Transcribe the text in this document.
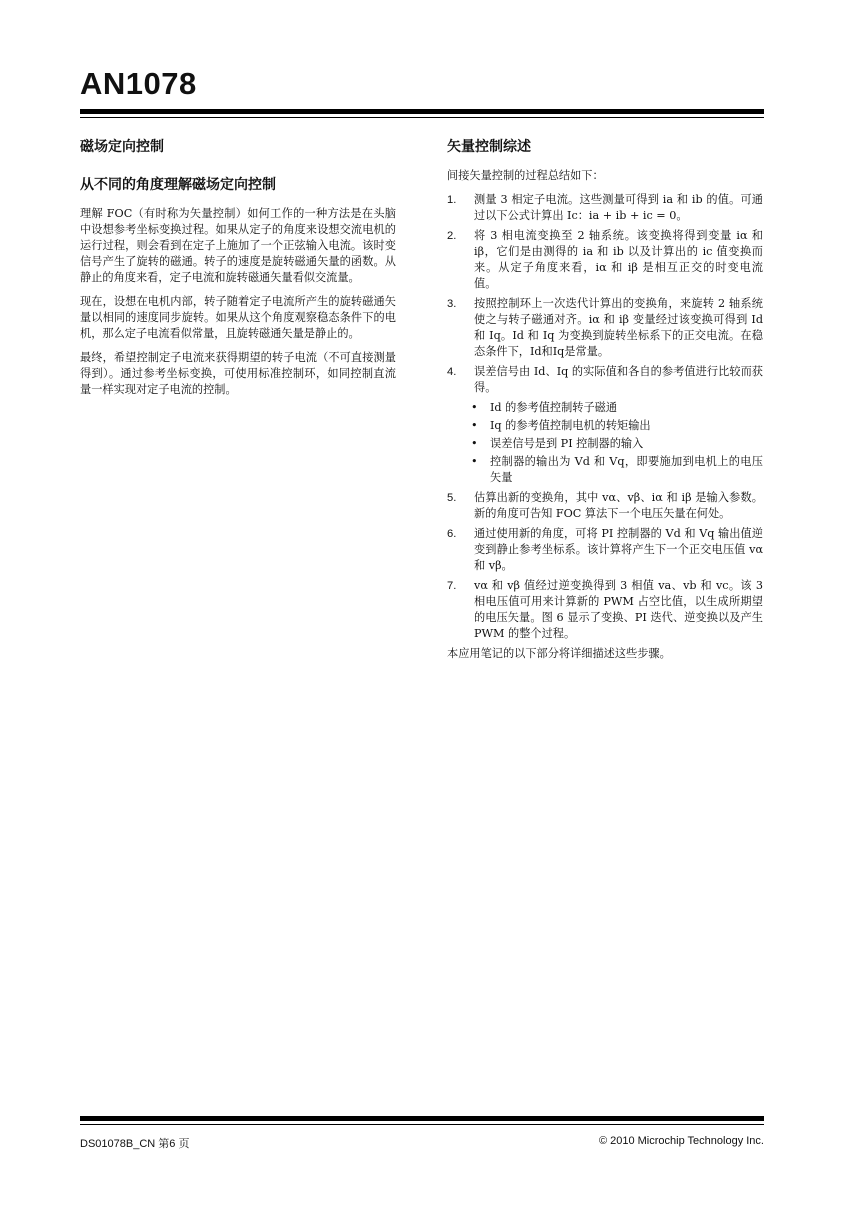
AN1078
磁场定向控制
从不同的角度理解磁场定向控制

理解 FOC（有时称为矢量控制）如何工作的一种方法是在头脑中设想参考坐标变换过程。如果从定子的角度来设想交流电机的运行过程，则会看到在定子上施加了一个正弦输入电流。该时变信号产生了旋转的磁通。转子的速度是旋转磁通矢量的函数。从静止的角度来看，定子电流和旋转磁通矢量看似交流量。

现在，设想在电机内部，转子随着定子电流所产生的旋转磁通矢量以相同的速度同步旋转。如果从这个角度观察稳态条件下的电机，那么定子电流看似常量，且旋转磁通矢量是静止的。

最终，希望控制定子电流来获得期望的转子电流（不可直接测量得到）。通过参考坐标变换，可使用标准控制环，如同控制直流量一样实现对定子电流的控制。

矢量控制综述

间接矢量控制的过程总结如下：

1. 测量 3 相定子电流。这些测量可得到 ia 和 ib 的值。可通过以下公式计算出 Ic：ia + ib + ic = 0。
2. 将 3 相电流变换至 2 轴系统。该变换将得到变量 iα 和 iβ，它们是由测得的 ia 和 ib 以及计算出的 ic 值变换而来。从定子角度来看，iα 和 iβ 是相互正交的时变电流值。
3. 按照控制环上一次迭代计算出的变换角，来旋转 2 轴系统使之与转子磁通对齐。iα 和 iβ 变量经过该变换可得到 Id 和 Iq。Id 和 Iq 为变换到旋转坐标系下的正交电流。在稳态条件下，Id和Iq是常量。
4. 误差信号由 Id、Iq 的实际值和各自的参考值进行比较而获得。
• Id 的参考值控制转子磁通
• Iq 的参考值控制电机的转矩输出
• 误差信号是到 PI 控制器的输入
• 控制器的输出为 Vd 和 Vq，即要施加到电机上的电压矢量
5. 估算出新的变换角，其中 vα、vβ、iα 和 iβ 是输入参数。新的角度可告知 FOC 算法下一个电压矢量在何处。
6. 通过使用新的角度，可将 PI 控制器的 Vd 和 Vq 输出值逆变到静止参考坐标系。该计算将产生下一个正交电压值 vα 和 vβ。
7. vα 和 vβ 值经过逆变换得到 3 相值 va、vb 和 vc。该 3 相电压值可用来计算新的 PWM 占空比值，以生成所期望的电压矢量。图 6 显示了变换、PI 迭代、逆变换以及产生 PWM 的整个过程。

本应用笔记的以下部分将详细描述这些步骤。

DS01078B_CN 第6 页	© 2010 Microchip Technology Inc.
